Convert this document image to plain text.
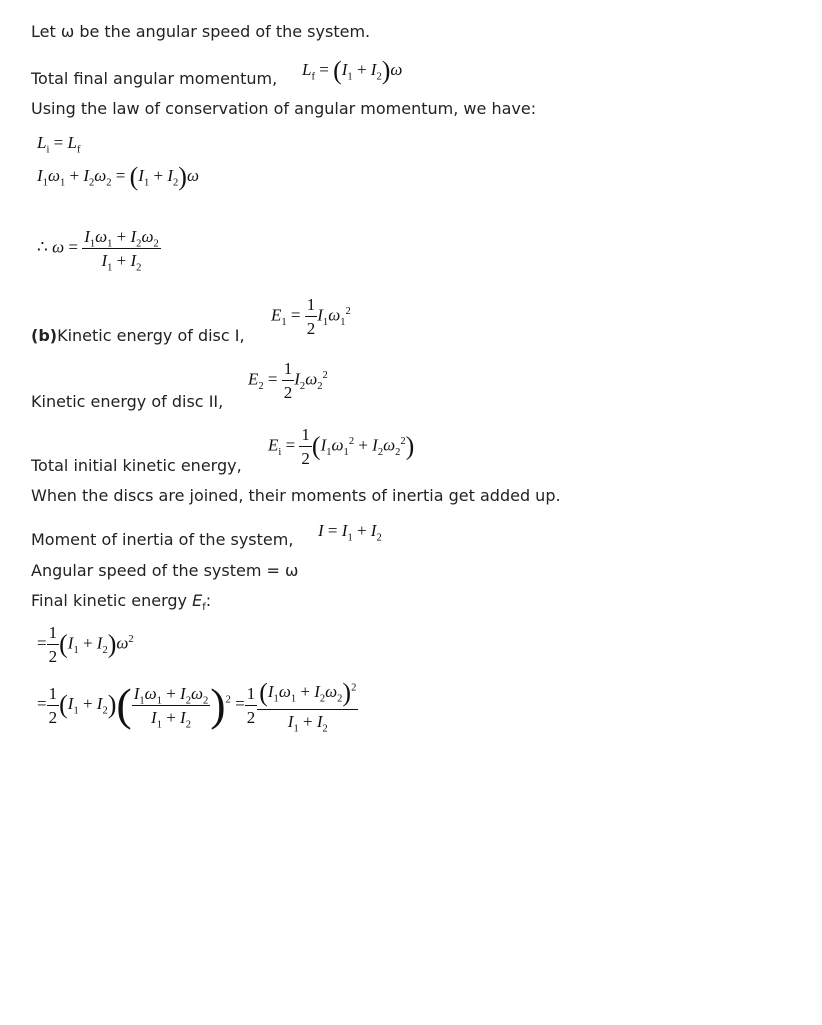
Let ω be the angular speed of the system.
Total final angular momentum,
Using the law of conservation of angular momentum, we have:
(b)Kinetic energy of disc I,
Kinetic energy of disc II,
Total initial kinetic energy,
When the discs are joined, their moments of inertia get added up.
Moment of inertia of the system,
Angular speed of the system = ω
Final kinetic energy $E_f$:
$L_f = (I_1 + I_2)\omega$
$L_i = L_f$
$I_1\omega_1 + I_2\omega_2 = (I_1 + I_2)\omega$
∴ $\omega = \frac{I_1\omega_1 + I_2\omega_2}{I_1 + I_2}$
$E_1 = \frac{1}{2} I_1\omega_1^2$
$E_2 = \frac{1}{2} I_2\omega_2^2$
$E_i = \frac{1}{2} (I_1\omega_1^2 + I_2\omega_2^2)$
$I = I_1 + I_2$
= $\frac{1}{2} (I_1 + I_2)\omega^2$
= $\frac{1}{2} (I_1 + I_2)( \frac{I_1\omega_1 + I_2\omega_2}{I_1 + I_2} )^2 = \frac{1}{2} \frac{(I_1\omega_1 + I_2\omega_2)^2}{I_1 + I_2}$
